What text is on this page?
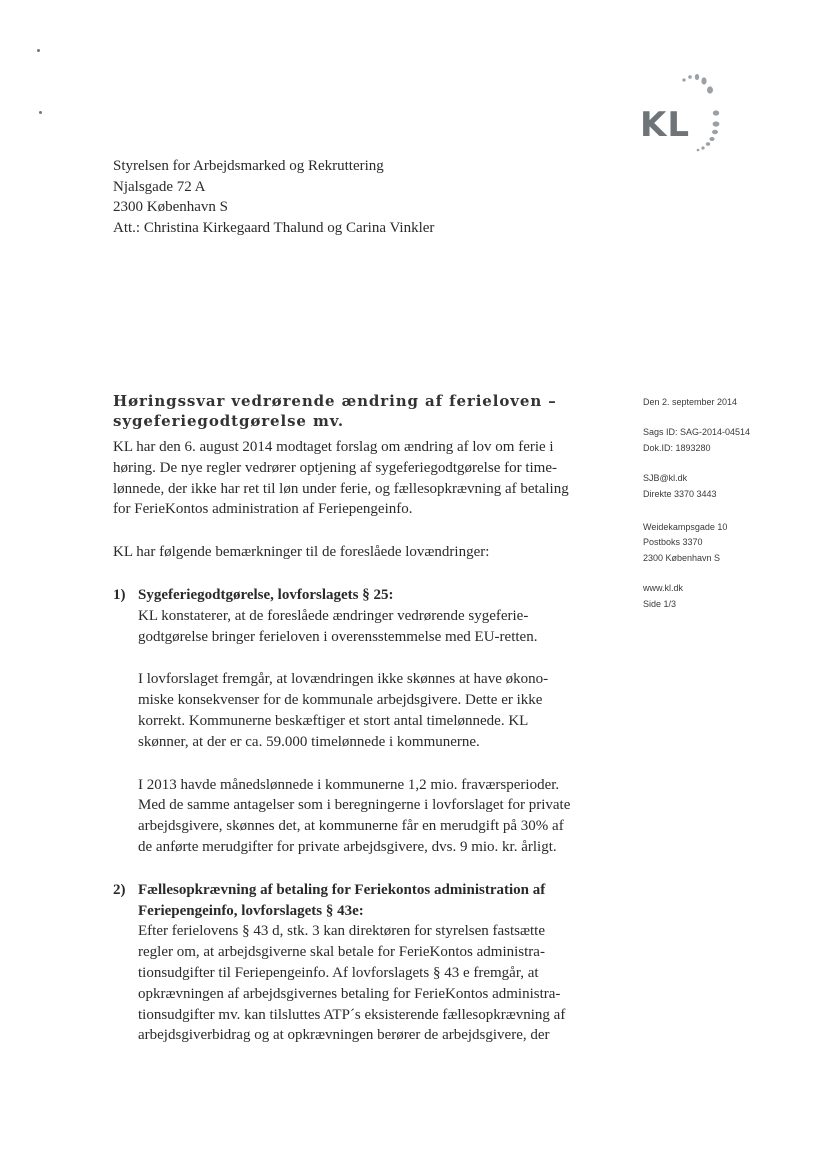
KL
Styrelsen for Arbejdsmarked og Rekruttering
Njalsgade 72 A
2300 København S
Att.: Christina Kirkegaard Thalund og Carina Vinkler
Høringssvar vedrørende ændring af ferieloven –
sygeferiegodtgørelse mv.
KL har den 6. august 2014 modtaget forslag om ændring af lov om ferie i
høring. De nye regler vedrører optjening af sygeferiegodtgørelse for time-
lønnede, der ikke har ret til løn under ferie, og fællesopkrævning af betaling
for FerieKontos administration af Feriepengeinfo.
KL har følgende bemærkninger til de foreslåede lovændringer:
1) Sygeferiegodtgørelse, lovforslagets § 25:
KL konstaterer, at de foreslåede ændringer vedrørende sygeferie-
godtgørelse bringer ferieloven i overensstemmelse med EU-retten.
I lovforslaget fremgår, at lovændringen ikke skønnes at have økono-
miske konsekvenser for de kommunale arbejdsgivere. Dette er ikke
korrekt. Kommunerne beskæftiger et stort antal timelønnede. KL
skønner, at der er ca. 59.000 timelønnede i kommunerne.
I 2013 havde månedslønnede i kommunerne 1,2 mio. fraværsperioder.
Med de samme antagelser som i beregningerne i lovforslaget for private
arbejdsgivere, skønnes det, at kommunerne får en merudgift på 30% af
de anførte merudgifter for private arbejdsgivere, dvs. 9 mio. kr. årligt.
2) Fællesopkrævning af betaling for Feriekontos administration af
Feriepengeinfo, lovforslagets § 43e:
Efter ferielovens § 43 d, stk. 3 kan direktøren for styrelsen fastsætte
regler om, at arbejdsgiverne skal betale for FerieKontos administra-
tionsudgifter til Feriepengeinfo. Af lovforslagets § 43 e fremgår, at
opkrævningen af arbejdsgivernes betaling for FerieKontos administra-
tionsudgifter mv. kan tilsluttes ATP´s eksisterende fællesopkrævning af
arbejdsgiverbidrag og at opkrævningen berører de arbejdsgivere, der
Den 2. september 2014
Sags ID: SAG-2014-04514
Dok.ID: 1893280
SJB@kl.dk
Direkte 3370 3443
Weidekampsgade 10
Postboks 3370
2300 København S
www.kl.dk
Side 1/3
